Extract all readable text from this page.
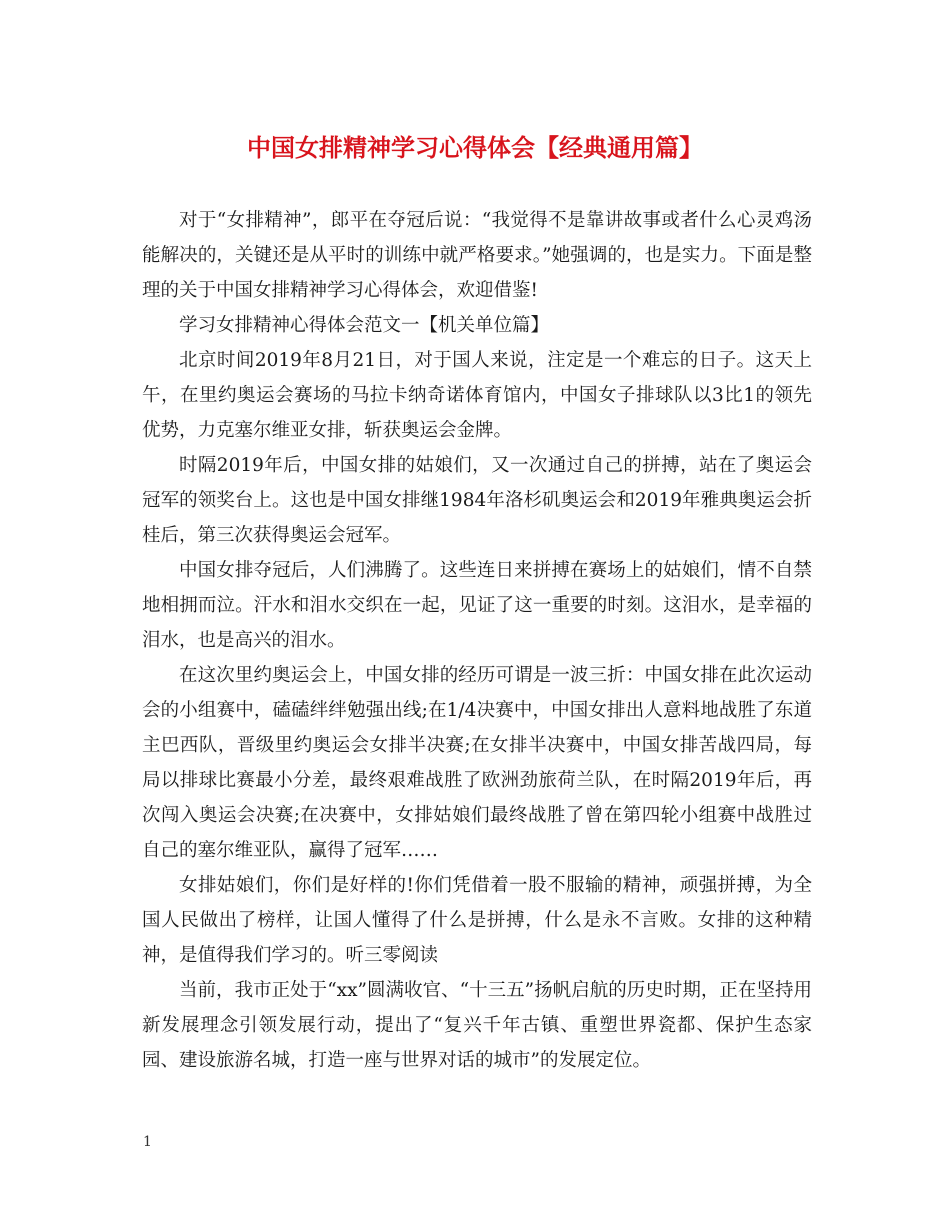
中国女排精神学习心得体会【经典通用篇】

对于“女排精神”，郎平在夺冠后说：“我觉得不是靠讲故事或者什么心灵鸡汤能解决的，关键还是从平时的训练中就严格要求。”她强调的，也是实力。下面是整理的关于中国女排精神学习心得体会，欢迎借鉴!

学习女排精神心得体会范文一【机关单位篇】

北京时间2019年8月21日，对于国人来说，注定是一个难忘的日子。这天上午，在里约奥运会赛场的马拉卡纳奇诺体育馆内，中国女子排球队以3比1的领先优势，力克塞尔维亚女排，斩获奥运会金牌。

时隔2019年后，中国女排的姑娘们，又一次通过自己的拼搏，站在了奥运会冠军的领奖台上。这也是中国女排继1984年洛杉矶奥运会和2019年雅典奥运会折桂后，第三次获得奥运会冠军。

中国女排夺冠后，人们沸腾了。这些连日来拼搏在赛场上的姑娘们，情不自禁地相拥而泣。汗水和泪水交织在一起，见证了这一重要的时刻。这泪水，是幸福的泪水，也是高兴的泪水。

在这次里约奥运会上，中国女排的经历可谓是一波三折：中国女排在此次运动会的小组赛中，磕磕绊绊勉强出线;在1/4决赛中，中国女排出人意料地战胜了东道主巴西队，晋级里约奥运会女排半决赛;在女排半决赛中，中国女排苦战四局，每局以排球比赛最小分差，最终艰难战胜了欧洲劲旅荷兰队，在时隔2019年后，再次闯入奥运会决赛;在决赛中，女排姑娘们最终战胜了曾在第四轮小组赛中战胜过自己的塞尔维亚队，赢得了冠军……

女排姑娘们，你们是好样的!你们凭借着一股不服输的精神，顽强拼搏，为全国人民做出了榜样，让国人懂得了什么是拼搏，什么是永不言败。女排的这种精神，是值得我们学习的。听三零阅读

当前，我市正处于“xx”圆满收官、“十三五”扬帆启航的历史时期，正在坚持用新发展理念引领发展行动，提出了“复兴千年古镇、重塑世界瓷都、保护生态家园、建设旅游名城，打造一座与世界对话的城市”的发展定位。

1
